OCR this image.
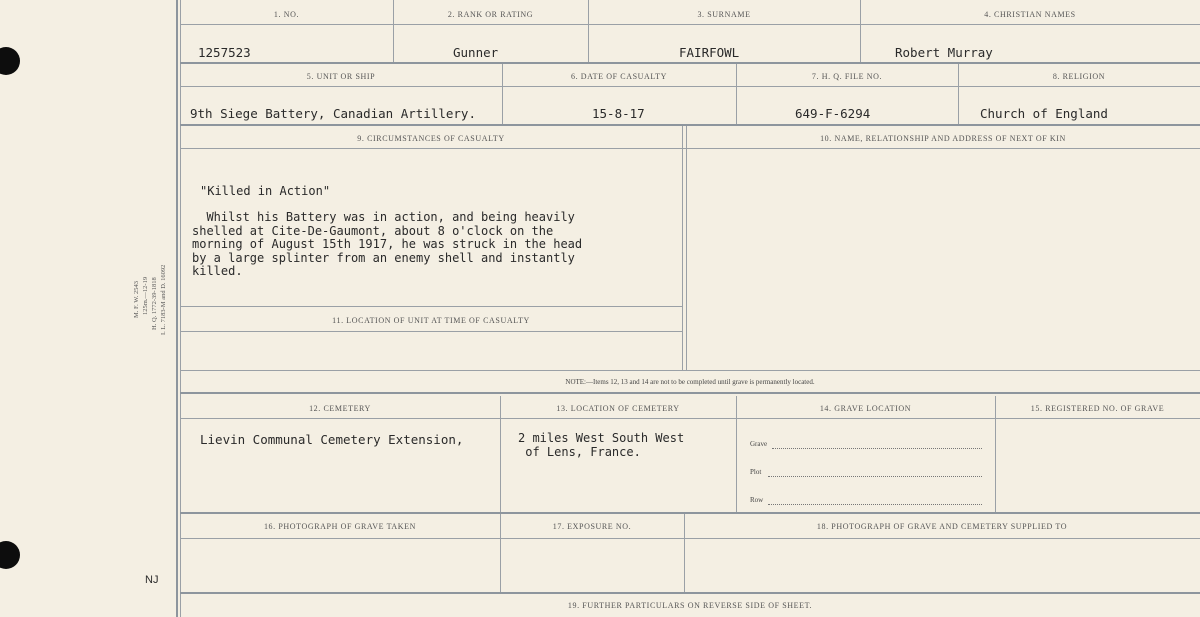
M. F. W. 2543 125m.—12-19 H. Q. 1772-39-1818 I. L. 7183-M and D. 16092
NJ
1. NO.	2. RANK OR RATING	3. SURNAME	4. CHRISTIAN NAMES
1257523	Gunner	FAIRFOWL	Robert Murray
5. UNIT OR SHIP	6. DATE OF CASUALTY	7. H. Q. FILE NO.	8. RELIGION
9th Siege Battery, Canadian Artillery.	15-8-17	649-F-6294	Church of England
9. CIRCUMSTANCES OF CASUALTY	10. NAME, RELATIONSHIP AND ADDRESS OF NEXT OF KIN
"Killed in Action"
Whilst his Battery was in action, and being heavily
shelled at Cite-De-Gaumont, about 8 o'clock on the
morning of August 15th 1917, he was struck in the head
by a large splinter from an enemy shell and instantly
killed.
11. LOCATION OF UNIT AT TIME OF CASUALTY
NOTE:—Items 12, 13 and 14 are not to be completed until grave is permanently located.
12. CEMETERY	13. LOCATION OF CEMETERY	14. GRAVE LOCATION	15. REGISTERED NO. OF GRAVE
Lievin Communal Cemetery Extension,	2 miles West South West
of Lens, France.
Grave
Plot
Row
16. PHOTOGRAPH OF GRAVE TAKEN	17. EXPOSURE NO.	18. PHOTOGRAPH OF GRAVE AND CEMETERY SUPPLIED TO
19. FURTHER PARTICULARS ON REVERSE SIDE OF SHEET.
